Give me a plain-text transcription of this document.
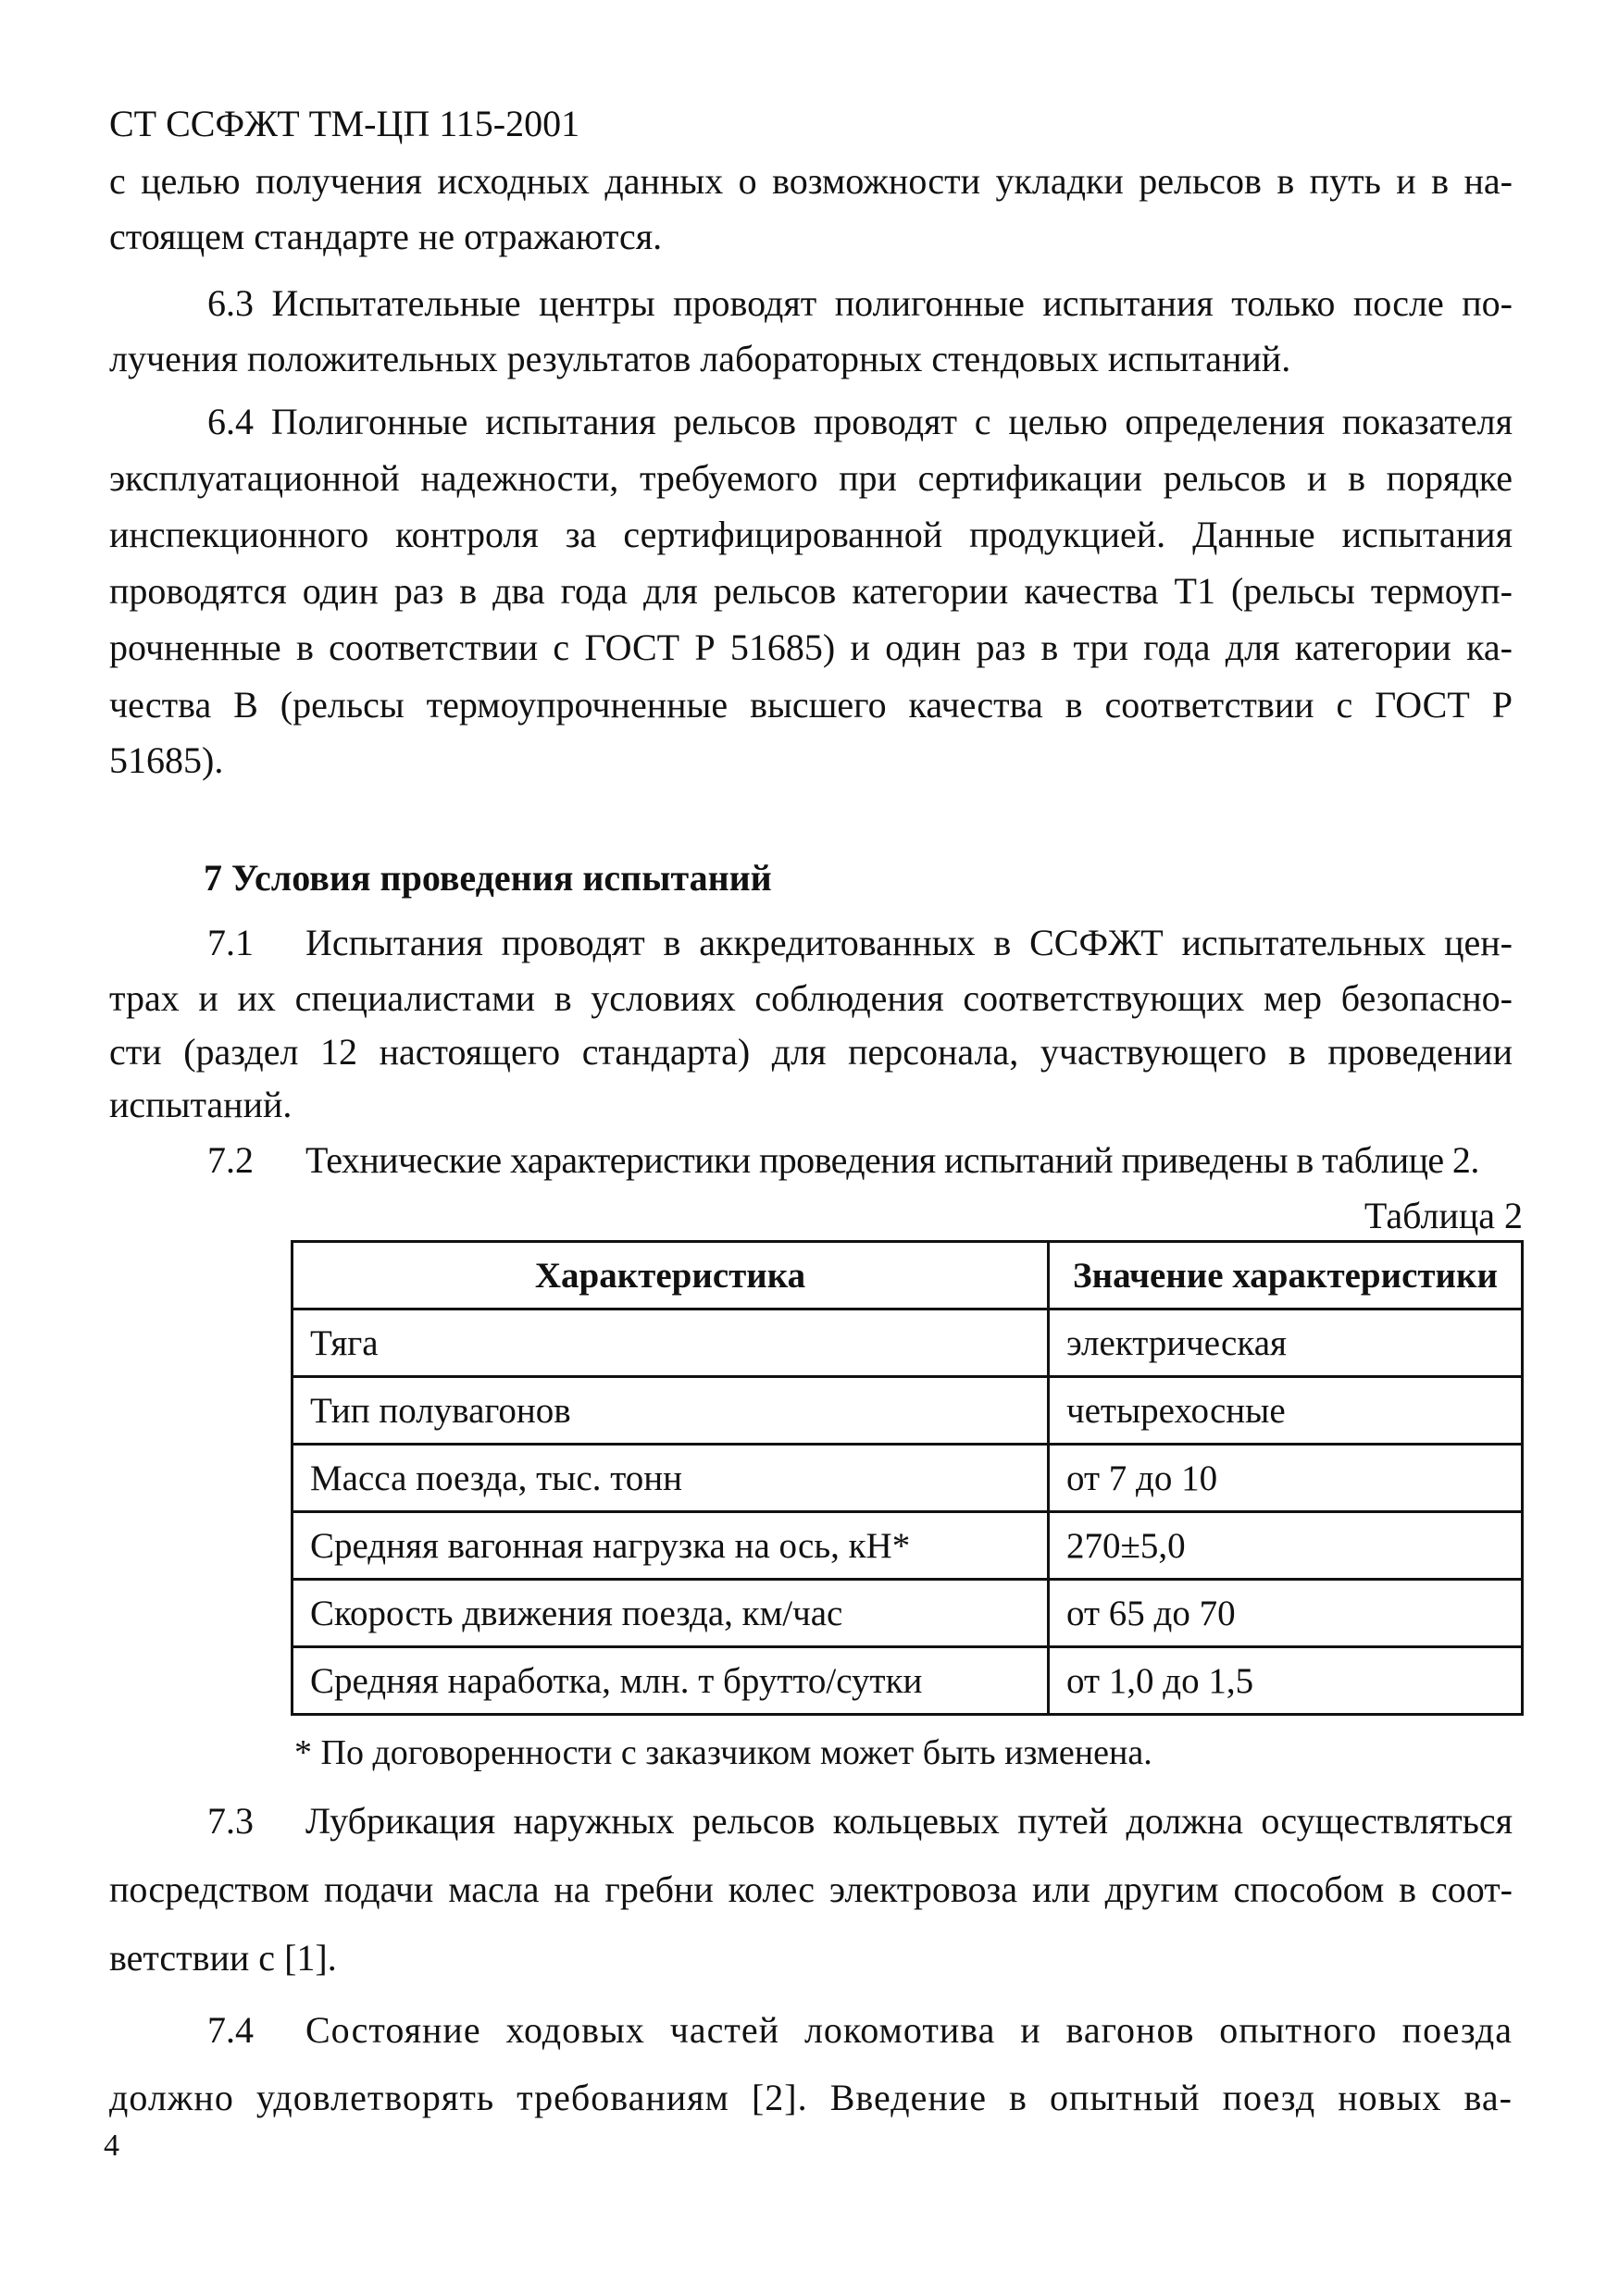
СТ ССФЖТ ТМ-ЦП 115-2001
с целью получения исходных данных о возможности укладки рельсов в путь и в на-
стоящем стандарте не отражаются.
6.3 Испытательные центры проводят полигонные испытания только после по-
лучения положительных результатов лабораторных стендовых испытаний.
6.4 Полигонные испытания рельсов проводят с целью определения показателя
эксплуатационной надежности, требуемого при сертификации рельсов и в порядке
инспекционного контроля за сертифицированной продукцией. Данные испытания
проводятся один раз в два года для рельсов категории качества Т1 (рельсы термоуп-
рочненные в соответствии с ГОСТ Р 51685) и один раз в три года для категории ка-
чества В (рельсы термоупрочненные высшего качества в соответствии с ГОСТ Р
51685).
7 Условия проведения испытаний
7.1 Испытания проводят в аккредитованных в ССФЖТ испытательных цен-
трах и их специалистами в условиях соблюдения соответствующих мер безопасно-
сти (раздел 12 настоящего стандарта) для персонала, участвующего в проведении
испытаний.
7.2 Технические характеристики проведения испытаний приведены в таблице 2.
Таблица 2
Характеристика	Значение характеристики
Тяга	электрическая
Тип полувагонов	четырехосные
Масса поезда, тыс. тонн	от 7 до 10
Средняя вагонная нагрузка на ось, кН*	270±5,0
Скорость движения поезда, км/час	от 65 до 70
Средняя наработка, млн. т брутто/сутки	от 1,0 до 1,5
* По договоренности с заказчиком может быть изменена.
7.3 Лубрикация наружных рельсов кольцевых путей должна осуществляться
посредством подачи масла на гребни колес электровоза или другим способом в соот-
ветствии с [1].
7.4 Состояние ходовых частей локомотива и вагонов опытного поезда
должно удовлетворять требованиям [2]. Введение в опытный поезд новых ва-
4
